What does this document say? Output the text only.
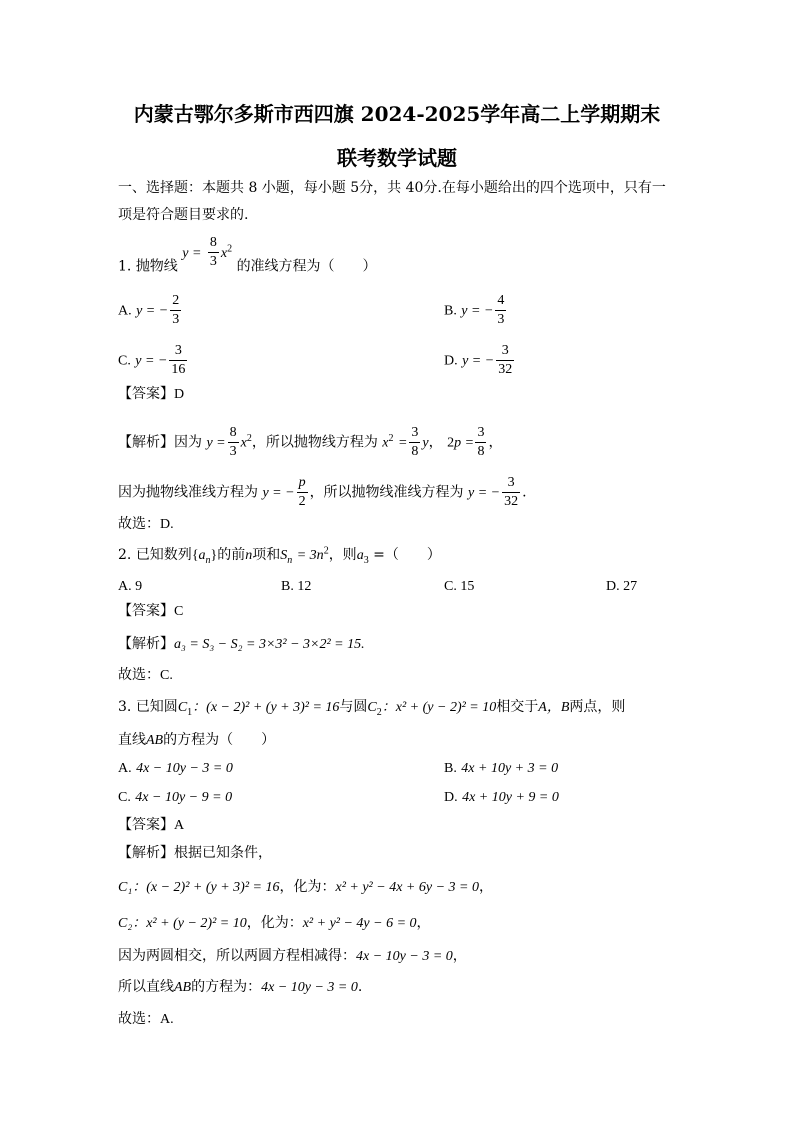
内蒙古鄂尔多斯市西四旗 2024-2025学年高二上学期期末
联考数学试题
一、选择题：本题共 8 小题，每小题 5分，共 40分.在每小题给出的四个选项中，只有一
项是符合题目要求的.
1. 抛物线 $y = \frac{8}{3} x^2$ 的准线方程为（　　）
A. y = − $\frac{2}{3}$	B. y = − $\frac{4}{3}$
C. y = − $\frac{3}{16}$	D. y = − $\frac{3}{32}$
【答案】D
【解析】因为 $y = \frac{8}{3} x^2$，所以抛物线方程为 $x^2 = \frac{3}{8}$ y， $2p = \frac{3}{8}$ ，
因为抛物线准线方程为 y = − $\frac{p}{2}$ ，所以抛物线准线方程为 y = − $\frac{3}{32}$ .
故选：D.
2. 已知数列$\{a_n\}$的前n项和$S_n = 3n^2$，则$a_3$ =（　　）
A. 9	B. 12	C. 15	D. 27
【答案】C
【解析】a₃ = S₃ − S₂ = 3×3² − 3×2² = 15.
故选：C.
3. 已知圆$C_1$：(x − 2)² + (y + 3)² = 16与圆$C_2$：x² + (y − 2)² = 10相交于A，B两点，则
直线AB的方程为（　　）
A. 4x − 10y − 3 = 0	B. 4x + 10y + 3 = 0
C. 4x − 10y − 9 = 0	D. 4x + 10y + 9 = 0
【答案】A
【解析】根据已知条件，
C₁：(x − 2)² + (y + 3)² = 16，化为：x² + y² − 4x + 6y − 3 = 0，
C₂：x² + (y − 2)² = 10，化为：x² + y² − 4y − 6 = 0，
因为两圆相交，所以两圆方程相减得：4x − 10y − 3 = 0，
所以直线AB的方程为：4x − 10y − 3 = 0.
故选：A.
